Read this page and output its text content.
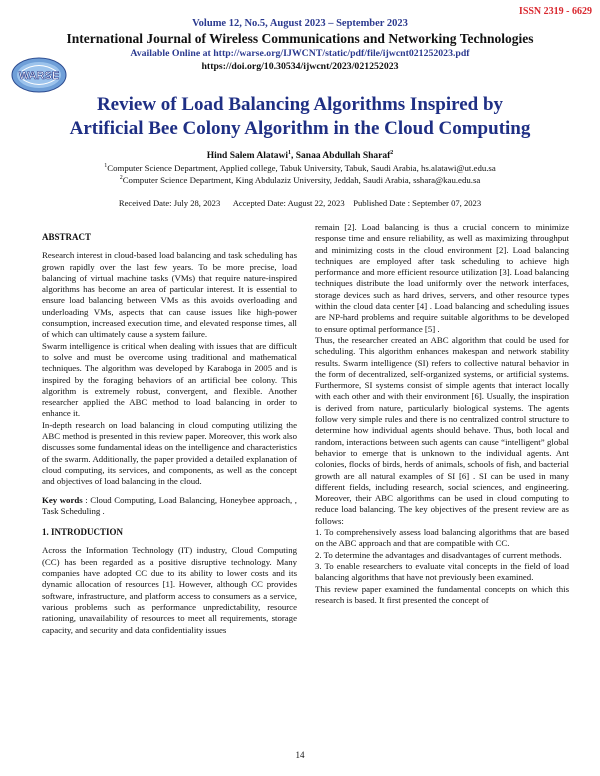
ISSN 2319 - 6629
Volume 12, No.5, August 2023 – September 2023
International Journal of Wireless Communications and Networking Technologies
Available Online at http://warse.org/IJWCNT/static/pdf/file/ijwcnt021252023.pdf
https://doi.org/10.30534/ijwcnt/2023/021252023
WARSE
Review of Load Balancing Algorithms Inspired by
Artificial Bee Colony Algorithm in the Cloud Computing
Hind Salem Alatawi$^1$, Sanaa Abdullah Sharaf$^2$
$^1$Computer Science Department, Applied college, Tabuk University, Tabuk, Saudi Arabia, hs.alatawi@ut.edu.sa
$^2$Computer Science Department, King Abdulaziz University, Jeddah, Saudi Arabia, sshara@kau.edu.sa
Received Date: July 28, 2023      Accepted Date: August 22, 2023    Published Date : September 07, 2023

ABSTRACT

Research interest in cloud-based load balancing and task scheduling has grown rapidly over the last few years. To be more precise, load balancing of virtual machine tasks (VMs) that require nature-inspired algorithms has become an area of particular interest. It is essential to ensure load balancing between VMs as this avoids overloading and underloading VMs, aspects that can cause issues like high-power consumption, increased execution time, and elevated response times, all of which can ultimately cause a system failure.

Swarm intelligence is critical when dealing with issues that are difficult to solve and must be overcome using traditional and mathematical techniques. The algorithm was developed by Karaboga in 2005 and is inspired by the foraging behaviors of an artificial bee colony. This algorithm is extremely robust, convergent, and flexible. Another researcher applied the ABC method to load balancing in order to enhance it.

In-depth research on load balancing in cloud computing utilizing the ABC method is presented in this review paper. Moreover, this work also discusses some fundamental ideas on the intelligence and characteristics of the swarm. Additionally, the paper provided a detailed explanation of cloud computing, its services, and components, as well as the concept and objectives of load balancing in the cloud.

Key words : Cloud Computing, Load Balancing, Honeybee approach, , Task Scheduling .

1. INTRODUCTION

Across the Information Technology (IT) industry, Cloud Computing (CC) has been regarded as a positive disruptive technology. Many companies have adopted CC due to its ability to lower costs and its dynamic allocation of resources [1]. However, although CC provides software, infrastructure, and platform access to consumers as a service, various problems such as performance unpredictability, resource rationing, unavailability of resources to meet all requirements, storage capacity, and security and data confidentiality issues

remain [2]. Load balancing is thus a crucial concern to minimize response time and ensure reliability, as well as maximizing throughput and minimizing costs in the cloud environment [2]. Load balancing techniques are employed after task scheduling to achieve high performance and more efficient resource utilization [3]. Load balancing techniques distribute the load uniformly over the network interfaces, storage devices such as hard drives, servers, and other resource types within the cloud data center [4] . Load balancing and scheduling issues are NP-hard problems and require suitable algorithms to be developed to ensure optimal performance [5] .

Thus, the researcher created an ABC algorithm that could be used for scheduling. This algorithm enhances makespan and network stability results. Swarm intelligence (SI) refers to collective natural behavior in the form of decentralized, self-organized systems, or artificial systems. Furthermore, SI systems consist of simple agents that interact locally with each other and with their environment [6]. Usually, the inspiration is derived from nature, particularly biological systems. The agents follow very simple rules and there is no centralized control structure to determine how individual agents should behave. Thus, both local and random, interactions between such agents can cause “intelligent” global behavior to emerge that is unknown to the individual agents. Ant colonies, flocks of birds, herds of animals, schools of fish, and bacterial growth are all natural examples of SI [6] . SI can be used in many different fields, including research, social sciences, and engineering. Moreover, their ABC algorithms can be used in cloud computing to reduce load balancing. The key objectives of the present review are as follows:

1. To comprehensively assess load balancing algorithms that are based on the ABC approach and that are compatible with CC.

2. To determine the advantages and disadvantages of current methods.

3. To enable researchers to evaluate vital concepts in the field of load balancing algorithms that have not previously been examined.

This review paper examined the fundamental concepts on which this research is based. It first presented the concept of

14
